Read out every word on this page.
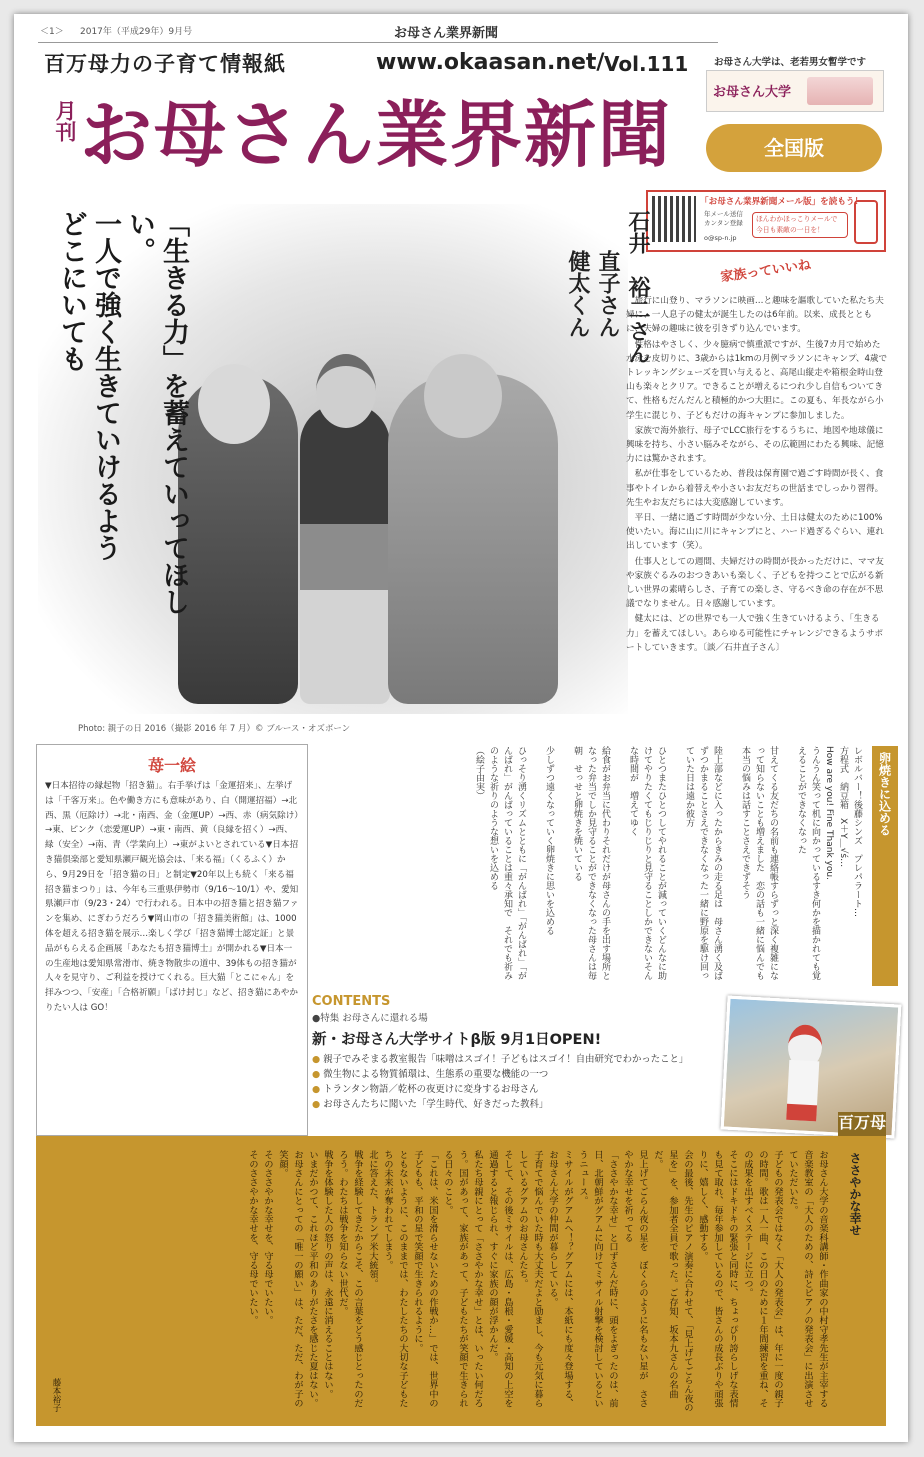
＜1＞ 2017年（平成29年）9月号	お母さん業界新聞
百万母力の子育て情報紙	www.okaasan.net/ Vol.111
月刊 お母さん業界新聞
お母さん大学は、老若男女暫学です
お母さん大学
全国版
「お母さん業界新聞メール版」を読もう！
年メール送信 カンタン登録
o@sp-n.jp
ほんわかほっこりメールで 今日も素敵の一日を！
「生きる力」を蓄えていってほしい。
一人で強く生きていけるよう
どこにいても	石井　裕二さん
直子さん
健太くん
Photo: 親子の日 2016（撮影 2016 年 7 月）© ブルース・オズボーン
家族っていいね

旅行に山登り、マラソンに映画…と趣味を謳歌していた私たち夫婦に、一人息子の健太が誕生したのは6年前。以来、成長とともに、夫婦の趣味に彼を引きずり込んでいます。

性格はやさしく、少々臆病で慎重派ですが、生後7カ月で始めた水泳を皮切りに、3歳からは1kmの月例マラソンにキャンプ、4歳でトレッキングシューズを買い与えると、高尾山縦走や箱根金時山登山も楽々とクリア。できることが増えるにつれ少し自信もついてきて、性格もだんだんと積極的かつ大胆に。この夏も、年長ながら小学生に混じり、子どもだけの海キャンプに参加しました。

家族で海外旅行、母子でLCC旅行をするうちに、地図や地球儀に興味を持ち、小さい脳みそながら、その広範囲にわたる興味、記憶力には驚かされます。

私が仕事をしているため、普段は保育園で過ごす時間が長く、食事やトイレから着替えや小さいお友だちの世話までしっかり習得。先生やお友だちには大変感謝しています。

平日、一緒に過ごす時間が少ない分、土日は健太のために100%使いたい。海に山に川にキャンプにと、ハード過ぎるぐらい、連れ出しています（笑）。

仕事人としての週間、夫婦だけの時間が長かっただけに、ママ友や家族ぐるみのおつきあいも楽しく、子どもを持つことで広がる新しい世界の素晴らしさ、子育ての楽しさ、守るべき命の存在が不思議でなりません。日々感謝しています。

健太には、どの世界でも一人で強く生きていけるよう、「生きる力」を蓄えてほしい。あらゆる可能性にチャレンジできるようサポートしていきます。〔談／石井直子さん〕

苺一絵
▼日本招待の縁起物「招き猫」。右手挙げは「金運招来」、左挙げは「千客万来」。色や働き方にも意味があり、白（開運招福）→北西、黒（厄除け）→北・南西、金（金運UP）→西、赤（病気除け）→東、ピンク（恋愛運UP）→東・南西、黄（良縁を招く）→西、緑（安全）→南、青（学業向上）→東がよいとされている▼日本招き猫倶楽部と愛知県瀬戸観光協会は、「来る福」（くるふく）から、9月29日を「招き猫の日」と制定▼20年以上も続く「来る福招き猫まつり」は、今年も三重県伊勢市（9/16〜10/1）や、愛知県瀬戸市（9/23・24）で行われる。日本中の招き猫と招き猫ファンを集め、にぎわうだろう▼岡山市の「招き猫美術館」は、1000体を超える招き猫を展示…楽しく学び「招き猫博士認定証」と景品がもらえる企画展「あなたも招き猫博士」が開かれる▼日本一の生産地は愛知県常滑市、焼き物散歩の道中、39体もの招き猫が人々を見守り、ご利益を授けてくれる。巨大猫「とこにゃん」を拝みつつ、「安産」「合格祈願」「ばけ封じ」など、招き猫にあやかりたい人は GO！
卵焼きに込める
レボルバー！後藤シンズ　プレパラート…
方程式　納豆箱　X＋Y＿√ś…
How are you! Fine Thank you.
うんうん笑って机に向かっているすき何かを描かれても覚えることができなくなった

甘えてくる友だちの名前も連絡帳すらずっと深く複雑になって知らないことも増えました　恋の話も一緒に悩んでも本当の悩みは話すことさえできずそう

陸上部などに入ったからきみの走る足は　母さん湧く及ばずつかまることさえできなくなった一緒に野原を駆け回っていた日は遠か彼方

ひとつまたひとつしてやれることが減っていくどんなに助けてやりたくてもじりじりと見守ることしかできないそんな時間が　増えてゆく

給食がお弁当に代わりそれだけが母さんの手を出す場所となった弁当でしか見守ることができなくなった母さんは毎朝　せっせと卵焼きを焼いている

少しずつ遠くなっていく卵焼きに思いを込める

ひっそり湧くリズムとともに「がんばれ」「がんばれ」「がんばれ」がんばっていることは重々承知で　それでも祈みのような祈りのような想いを込める
（絵子由実）
CONTENTS
●特集 お母さんに還れる場
新・お母さん大学サイトβ版 9月1日OPEN!
● 親子でみそまる教室報告「味噌はスゴイ！子どもはスゴイ！自由研究でわかったこと」
● 微生物による物質循環は、生態系の重要な機能の一つ
● トランタン物語／乾杯の夜更けに変身するお母さん
● お母さんたちに聞いた「学生時代、好きだった教科」
百万母
ささやかな幸せ
お母さん大学の音楽科講師・作曲家の中村守孝先生が主宰する音楽教室の「大人のための、詩とピアノの発表会」に出演させていただいた。
子どもの発表会ではなく「大人の発表会」は、年に一度の親子の時間。歌は一人一曲、この日のために１年間練習を重ね、その成果を出すべくステージに立つ。
そこにはドキドキの緊張と同時に、ちょっぴり誇らしげな表情も見て取れ、毎年参加しているので、皆さんの成長ぶりや頑張りに、嬉しく、感動する。
会の最後、先生のピアノ演奏に合わせて、「見上げてごらん夜の星を」を、参加者全員で歌った。ご存知、坂本九さんの名曲だ。
見上げてごらん夜の星を　ぼくらのように名もない星が　ささやかな幸せを祈ってる
「ささやかな幸せ」と口ずさんだ時に、頭をよぎったのは、前日、北朝鮮がグアムに向けてミサイル射撃を検討しているというニュース。
ミサイルがグアムへ！？グアムには、本紙にも度々登場する、お母さん大学の仲間が暮らしている。
子育てで悩んでいた時も大丈夫だよと励まし、今も元気に暮らしているグアムのお母さんたち。
そして、その後ミサイルは、広島・島根・愛媛・高知の上空を通過すると報じられ、すぐに家族の顔が浮かんだ。
私たち母親にとって「ささやかな幸せ」とは、いったい何だろう。国があって、家族があって、子どもたちが笑顔で生きられる日々のこと。
「これは、米国を滑らせないための作戦か…」では、世界中の子どもも、平和の星で笑顔で生きられるように。
ともないように、このままでは、わたしたちの大切な子どもたちの未来が奪われてしまう。
北に答えた、トランプ米大統領。
戦争を経験してきたからこそ、この言葉をどう感じとったのだろう。わたちは戦争を知らない世代だ。
戦争を体験した人の怒りの声は、永遠に消えることはない。
いまだかつて、これほど平和のありがたさを感じた夏はない。
お母さんにとっての「唯一の願い」は、ただ、ただ、わが子の笑顔。
そのささやかな幸せを、守る母でいたい。
そのささやかな幸せを、守る母でいたい。
藤本裕子
